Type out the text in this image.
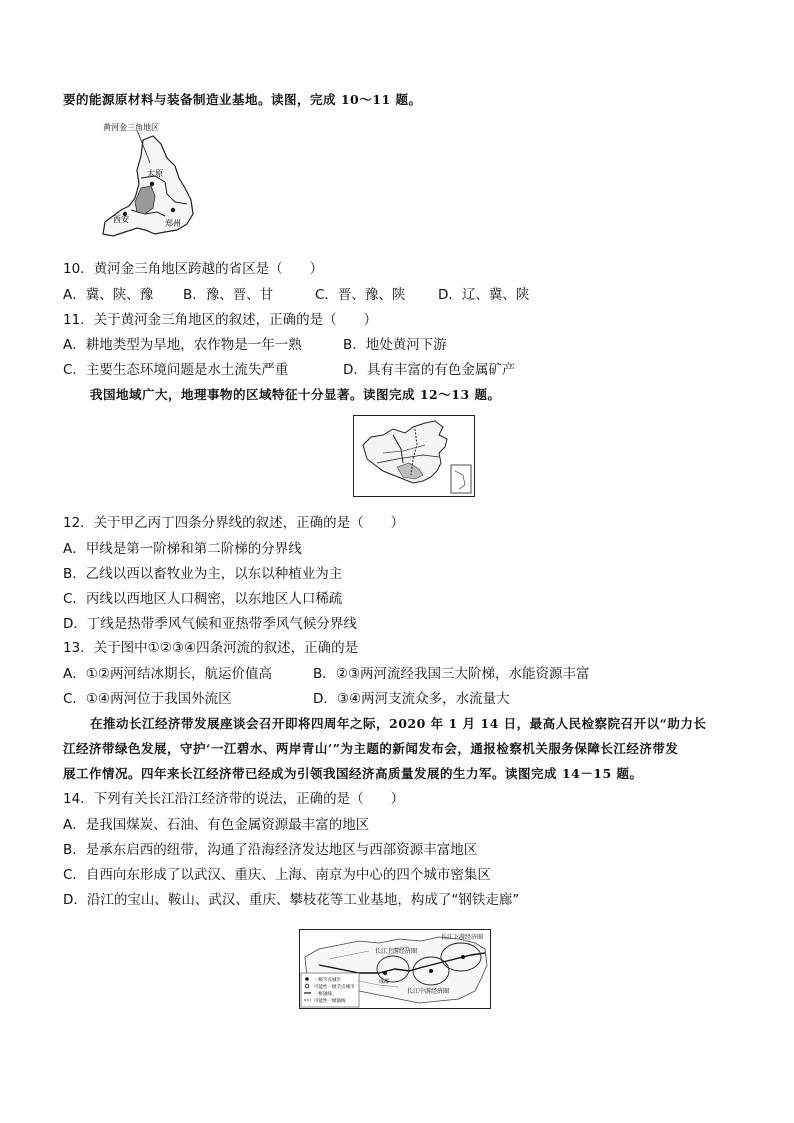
要的能源原材料与装备制造业基地。读图，完成 10～11 题。
黄河金三角地区
太原
西安	郑州
10．黄河金三角地区跨越的省区是（　　）
A．冀、陕、豫 B．豫、晋、甘	C．晋、豫、陕 D．辽、冀、陕
11．关于黄河金三角地区的叙述，正确的是（　　）
A．耕地类型为旱地，农作物是一年一熟	B．地处黄河下游
C．主要生态环境问题是水土流失严重	D．具有丰富的有色金属矿产
我国地域广大，地理事物的区域特征十分显著。读图完成 12～13 题。
12．关于甲乙丙丁四条分界线的叙述，正确的是（　　）
A．甲线是第一阶梯和第二阶梯的分界线
B．乙线以西以畜牧业为主，以东以种植业为主
C．丙线以西地区人口稠密，以东地区人口稀疏
D．丁线是热带季风气候和亚热带季风气候分界线
13．关于图中①②③④四条河流的叙述，正确的是
A．①②两河结冰期长，航运价值高	B．②③两河流经我国三大阶梯，水能资源丰富
C．①④两河位于我国外流区	D．③④两河支流众多，水流量大
在推动长江经济带发展座谈会召开即将四周年之际，2020 年 1 月 14 日，最高人民检察院召开以“助力长
江经济带绿色发展，守护‘一江碧水、两岸青山’”为主题的新闻发布会，通报检察机关服务保障长江经济带发
展工作情况。四年来长江经济带已经成为引领我国经济高质量发展的生力军。读图完成 14－15 题。
14．下列有关长江沿江经济带的说法，正确的是（　　）
A．是我国煤炭、石油、有色金属资源最丰富的地区
B．是承东启西的纽带，沟通了沿海经济发达地区与西部资源丰富地区
C．自西向东形成了以武汉、重庆、上海、南京为中心的四个城市密集区
D．沿江的宝山、鞍山、武汉、重庆、攀枝花等工业基地，构成了“钢铁走廊”
一级节点城市
可能性一级节点城市
一级轴线
可能性一级轴线
长江下游经济圈
长江上游经济圈
长江中游经济圈
成都
